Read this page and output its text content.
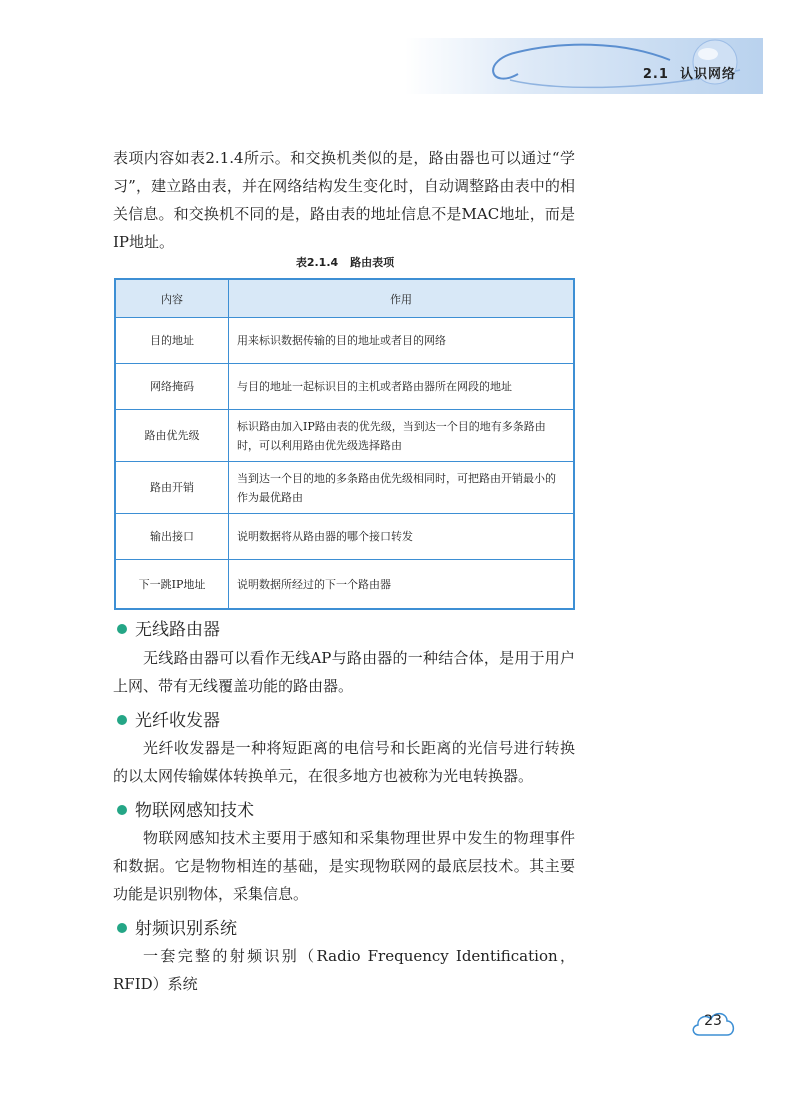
2.1 认识网络
表项内容如表2.1.4所示。和交换机类似的是，路由器也可以通过“学习”，建立路由表，并在网络结构发生变化时，自动调整路由表中的相关信息。和交换机不同的是，路由表的地址信息不是MAC地址，而是IP地址。
表2.1.4 路由表项
内容	作用
目的地址	用来标识数据传输的目的地址或者目的网络
网络掩码	与目的地址一起标识目的主机或者路由器所在网段的地址
路由优先级	标识路由加入IP路由表的优先级，当到达一个目的地有多条路由时，可以利用路由优先级选择路由
路由开销	当到达一个目的地的多条路由优先级相同时，可把路由开销最小的作为最优路由
输出接口	说明数据将从路由器的哪个接口转发
下一跳IP地址	说明数据所经过的下一个路由器
无线路由器
无线路由器可以看作无线AP与路由器的一种结合体，是用于用户上网、带有无线覆盖功能的路由器。
光纤收发器
光纤收发器是一种将短距离的电信号和长距离的光信号进行转换的以太网传输媒体转换单元，在很多地方也被称为光电转换器。
物联网感知技术
物联网感知技术主要用于感知和采集物理世界中发生的物理事件和数据。它是物物相连的基础，是实现物联网的最底层技术。其主要功能是识别物体，采集信息。
射频识别系统
一套完整的射频识别（Radio Frequency Identification，RFID）系统
23
